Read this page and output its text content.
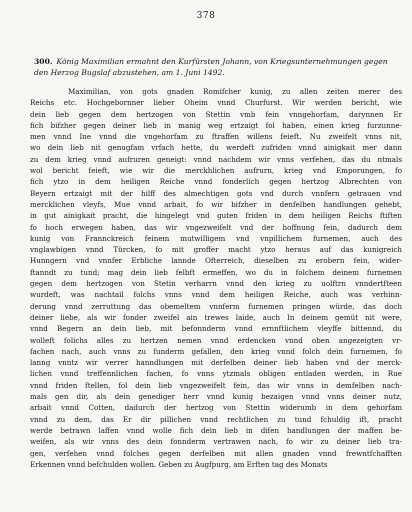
378
300. König Maximilian ermahnt den Kurfürsten Johann, von Kriegsunternehmungen gegen den Herzog Bugslaf abzustehen, am 1. Juni 1492.
Maximilian, von gots gnaden Romifcher kunig, zu allen zeiten merer des
Reichs etc. Hochgebornner lieber Oheim vnnd Churfurst. Wir werden bericht, wie
dein lieb gegen dem hertzogen von Stettin vmb fein vnngehorfam, darynnen Er
fich bifzher gegen deiner lieb in manig weg ertzaigt fol haben, einen krieg furzunne-
men vnnd Ine vnnd die vngehorfam zu ftraffen willens feieft. Nu zweifelt vnns nit,
wo dein lieb nit genugfam vrfach hette, du werdeft zufriden vnnd ainigkait mer dann
zu dem krieg vnnd aufruren geneigt: vnnd nachdem wir vnns verfehen, das du ntmals
wol bericht feieft, wie wir die merckhlichen aufrurn, krieg vnd Emporungen, fo
fich ytzo in dem heiligen Reiche vnnd fonderlich gegen hertzog Albrechten von
Beyern ertzaigt mit der hilff des almechtigen gots vnd durch vnnfern getrauen vnd
mercklichen vleyfs, Mue vnnd arbait, fo wir bifzher in denfelben handlungen gehebt,
in gut ainigkait pracht, die hingelegt vnd guten friden in dem heiligen Reichs ftiften
fo hoch erwegen haben, das wir vngezweifelt vnd der hoffnung fein, dadurch dem
kunig von Frannckreich feinem mutwilligem vnd vnpillichem furnemen, auch des
vnglawbigen vnnd Türcken, fo mit groffer macht ytzo heraus auf das kunigreich
Hunngern vnd vnnfer Erbliche lannde Ofterreich, dieselben zu erobern fein, wider-
ftanndt zu tund; mag dein lieb felbft ermeffen, wo du in folchem deinem furnemen
gegen dem hertzogen von Stetin verharrn vnnd den krieg zu uolftrn vnndertfteen
wurdeft, was nachtail folchs vnns vnnd dem heiligen Reiche, auch was verhinn-
derung vnnd zerruttung das obemeltem vnnferm furnemen pringen würde, das doch
deiner liebe, als wir fonder zweifel ain trewes laide, auch In deinem gemüt nit were,
vnnd Begern an dein lieb, mit befonnderm vnnd ernnftlichem vleyffe bittennd, du
wolleft folichs alles zu hertzen nemen vnnd erdencken vnnd oben angezeigten vr-
fachen nach, auch vnns zu funderm gefallen, den krieg vnnd folch dein furnemen, fo
lanng vnntz wir verrer hanndlungen mit derfelben deiner lieb haben vnd der merck-
lichen vnnd treffennlichen fachen, fo vnns ytzmals obligen entladen werden, in Rue
vnnd friden ftellen, fol dein lieb vngezweifelt fein, das wir vnns in demfelben nach-
mals gen dir, als dein genediger herr vnnd kunig bezaigen vnnd vnns deiner nutz,
arbait vnnd Cotten, dadurch der hertzog von Stettin widerumb in dem gehorfam
vnnd zu dem, das Er dir pillichen vnnd rechtlichen zu tund fchuldig ift, pracht
werde betrawn laffen vnnd wolle fich dein lieb in difen handlungen der maffen be-
weifen, als wir vnns des dein fonnderm vertrawen nach, fo wir zu deiner lieb tra-
gen, verfehen vnnd folches gegen derfelben mit allen gnaden vnnd frewntfchafften
Erkennen vnnd befchulden wollen. Geben zu Augfpurg, am Erften tag des Monats
